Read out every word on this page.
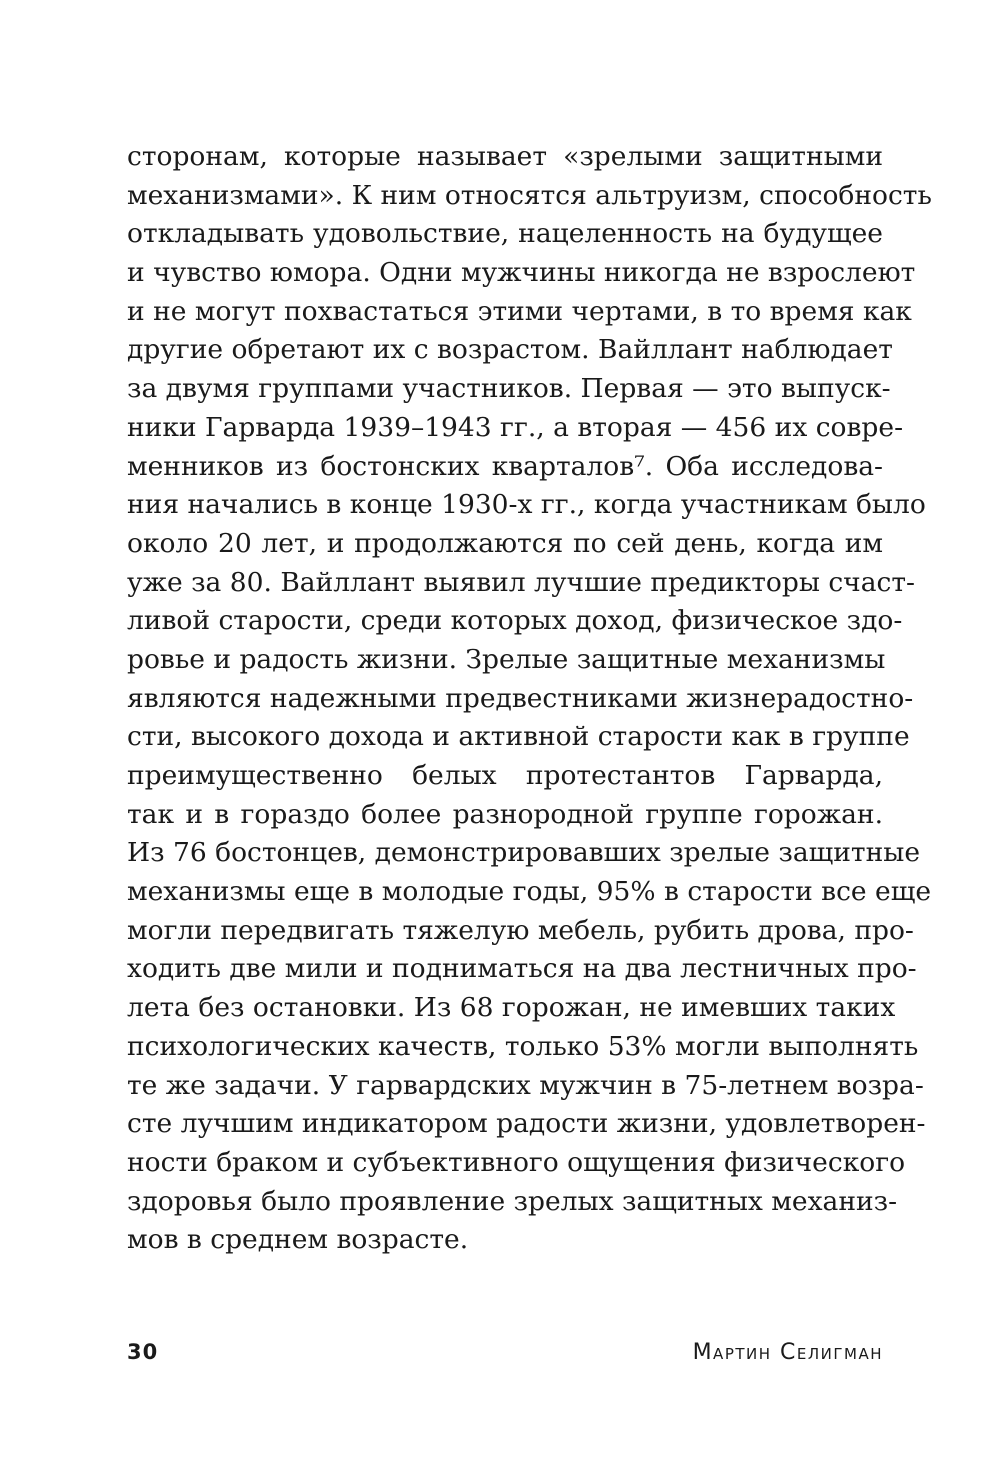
сторонам, которые называет «зрелыми защитными
механизмами». К ним относятся альтруизм, способность
откладывать удовольствие, нацеленность на будущее
и чувство юмора. Одни мужчины никогда не взрослеют
и не могут похвастаться этими чертами, в то время как
другие обретают их с возрастом. Вайллант наблюдает
за двумя группами участников. Первая — это выпуск-
ники Гарварда 1939–1943 гг., а вторая — 456 их совре-
менников из бостонских кварталов⁷. Оба исследова-
ния начались в конце 1930-х гг., когда участникам было
около 20 лет, и продолжаются по сей день, когда им
уже за 80. Вайллант выявил лучшие предикторы счаст-
ливой старости, среди которых доход, физическое здо-
ровье и радость жизни. Зрелые защитные механизмы
являются надежными предвестниками жизнерадостно-
сти, высокого дохода и активной старости как в группе
преимущественно белых протестантов Гарварда,
так и в гораздо более разнородной группе горожан.
Из 76 бостонцев, демонстрировавших зрелые защитные
механизмы еще в молодые годы, 95% в старости все еще
могли передвигать тяжелую мебель, рубить дрова, про-
ходить две мили и подниматься на два лестничных про-
лета без остановки. Из 68 горожан, не имевших таких
психологических качеств, только 53% могли выполнять
те же задачи. У гарвардских мужчин в 75-летнем возра-
сте лучшим индикатором радости жизни, удовлетворен-
ности браком и субъективного ощущения физического
здоровья было проявление зрелых защитных механиз-
мов в среднем возрасте.
30	Мартин Селигман
